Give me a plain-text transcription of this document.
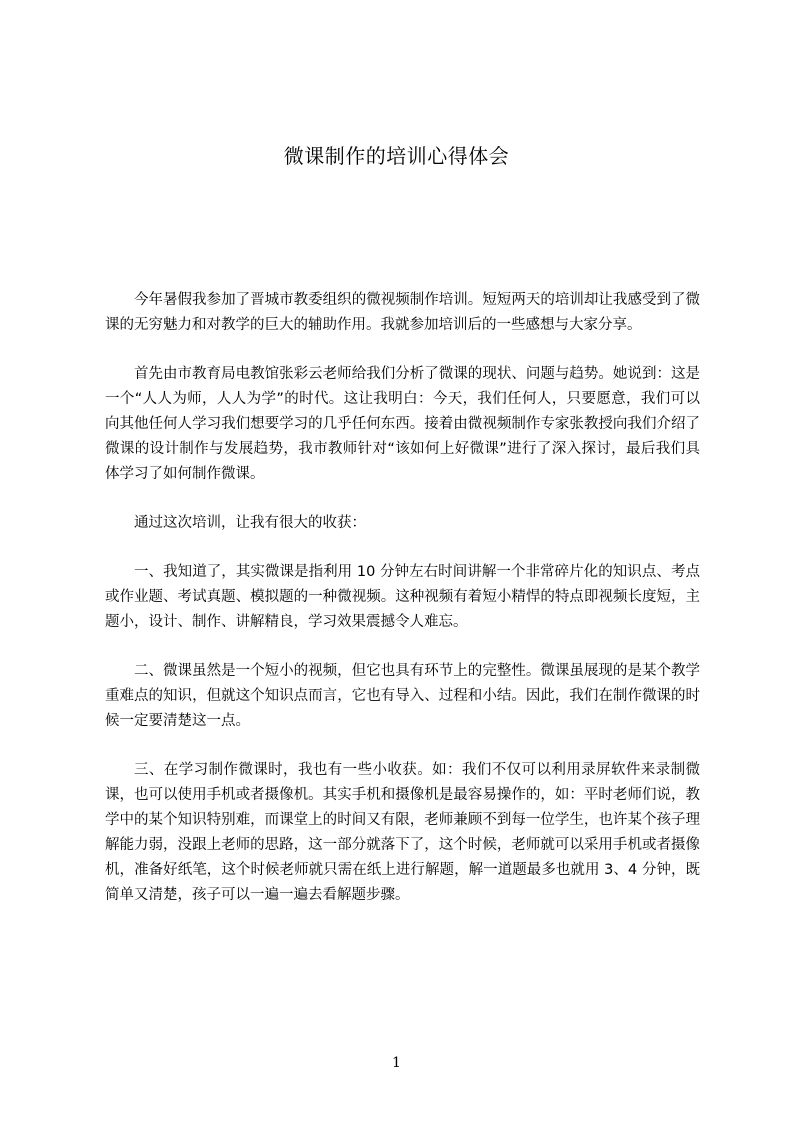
微课制作的培训心得体会

今年暑假我参加了晋城市教委组织的微视频制作培训。短短两天的培训却让我感受到了微课的无穷魅力和对教学的巨大的辅助作用。我就参加培训后的一些感想与大家分享。

首先由市教育局电教馆张彩云老师给我们分析了微课的现状、问题与趋势。她说到：这是一个“人人为师，人人为学”的时代。这让我明白：今天，我们任何人，只要愿意，我们可以向其他任何人学习我们想要学习的几乎任何东西。接着由微视频制作专家张教授向我们介绍了微课的设计制作与发展趋势，我市教师针对“该如何上好微课”进行了深入探讨，最后我们具体学习了如何制作微课。

通过这次培训，让我有很大的收获：

一、我知道了，其实微课是指利用 10 分钟左右时间讲解一个非常碎片化的知识点、考点或作业题、考试真题、模拟题的一种微视频。这种视频有着短小精悍的特点即视频长度短，主题小，设计、制作、讲解精良，学习效果震撼令人难忘。

二、微课虽然是一个短小的视频，但它也具有环节上的完整性。微课虽展现的是某个教学重难点的知识，但就这个知识点而言，它也有导入、过程和小结。因此，我们在制作微课的时候一定要清楚这一点。

三、在学习制作微课时，我也有一些小收获。如：我们不仅可以利用录屏软件来录制微课，也可以使用手机或者摄像机。其实手机和摄像机是最容易操作的，如：平时老师们说，教学中的某个知识特别难，而课堂上的时间又有限，老师兼顾不到每一位学生，也许某个孩子理解能力弱，没跟上老师的思路，这一部分就落下了，这个时候，老师就可以采用手机或者摄像机，准备好纸笔，这个时候老师就只需在纸上进行解题，解一道题最多也就用 3、4 分钟，既简单又清楚，孩子可以一遍一遍去看解题步骤。

1
